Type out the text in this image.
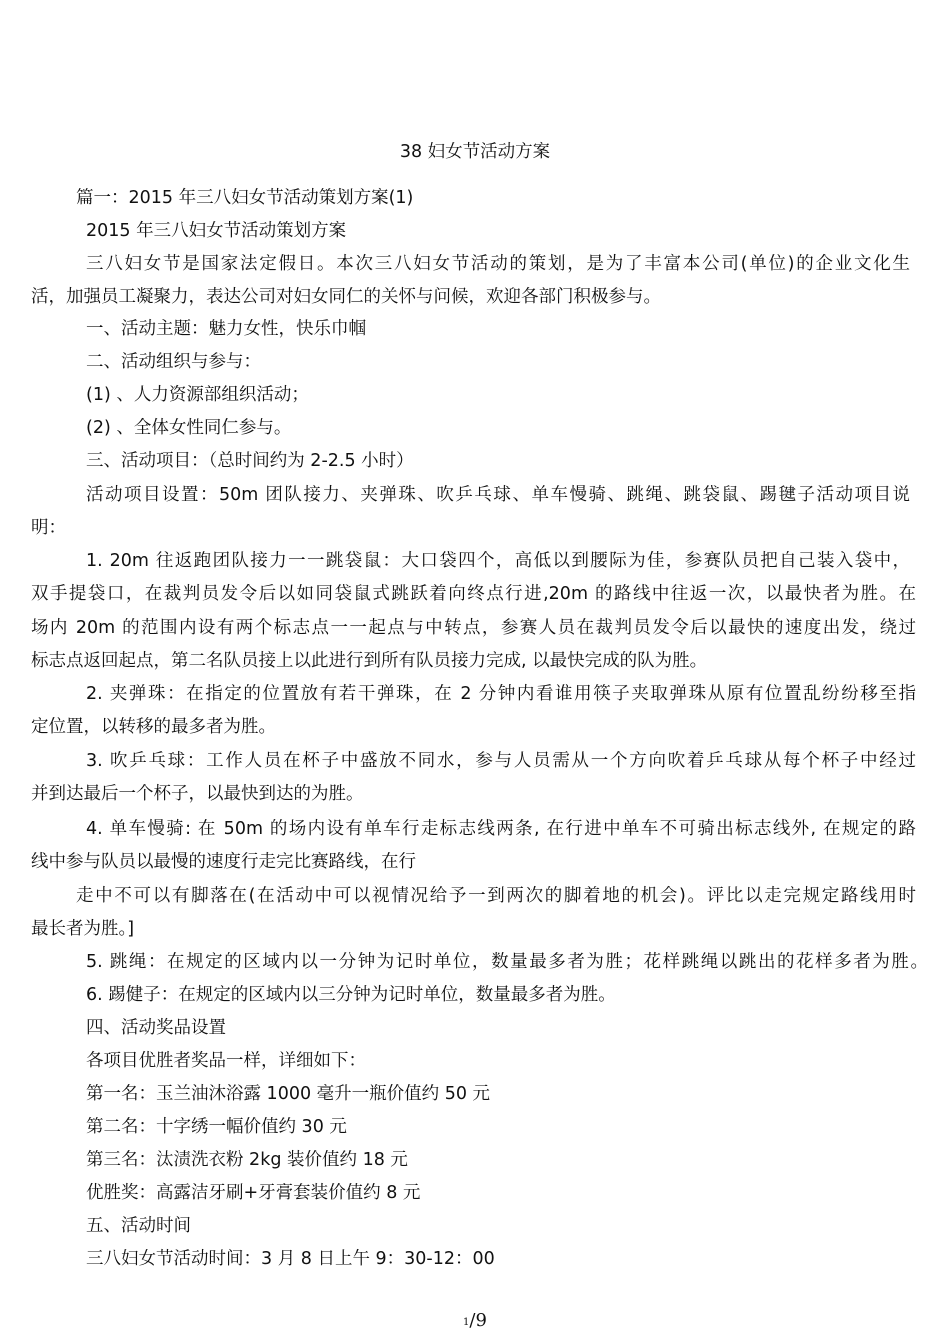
38 妇女节活动方案
篇一：2015 年三八妇女节活动策划方案(1)
2015 年三八妇女节活动策划方案
三八妇女节是国家法定假日。本次三八妇女节活动的策划，是为了丰富本公司(单位)的企业文化生
活，加强员工凝聚力，表达公司对妇女同仁的关怀与问候，欢迎各部门积极参与。
一、活动主题：魅力女性，快乐巾帼
二、活动组织与参与：
(1) 、人力资源部组织活动；
(2) 、全体女性同仁参与。
三、活动项目：（总时间约为 2-2.5 小时）
活动项目设置：50m 团队接力、夹弹珠、吹乒乓球、单车慢骑、跳绳、跳袋鼠、踢毽子活动项目说
明：
1. 20m 往返跑团队接力一一跳袋鼠：大口袋四个，高低以到腰际为佳，参赛队员把自己装入袋中，
双手提袋口，在裁判员发令后以如同袋鼠式跳跃着向终点行进,20m 的路线中往返一次，以最快者为胜。在
场内 20m 的范围内设有两个标志点一一起点与中转点，参赛人员在裁判员发令后以最快的速度出发，绕过
标志点返回起点，第二名队员接上以此进行到所有队员接力完成, 以最快完成的队为胜。
2. 夹弹珠：在指定的位置放有若干弹珠，在 2 分钟内看谁用筷子夹取弹珠从原有位置乱纷纷移至指
定位置，以转移的最多者为胜。
3. 吹乒乓球：工作人员在杯子中盛放不同水，参与人员需从一个方向吹着乒乓球从每个杯子中经过
并到达最后一个杯子，以最快到达的为胜。
4. 单车慢骑: 在 50m 的场内设有单车行走标志线两条, 在行进中单车不可骑出标志线外, 在规定的路
线中参与队员以最慢的速度行走完比赛路线，在行
走中不可以有脚落在(在活动中可以视情况给予一到两次的脚着地的机会)。评比以走完规定路线用时
最长者为胜。]
5. 跳绳：在规定的区域内以一分钟为记时单位，数量最多者为胜；花样跳绳以跳出的花样多者为胜。
6. 踢健子：在规定的区域内以三分钟为记时单位，数量最多者为胜。
四、活动奖品设置
各项目优胜者奖品一样，详细如下：
第一名：玉兰油沐浴露 1000 毫升一瓶价值约 50 元
第二名：十字绣一幅价值约 30 元
第三名：汰渍洗衣粉 2kg 装价值约 18 元
优胜奖：高露洁牙刷+牙膏套装价值约 8 元
五、活动时间
三八妇女节活动时间：3 月 8 日上午 9：30-12：00
1/9
